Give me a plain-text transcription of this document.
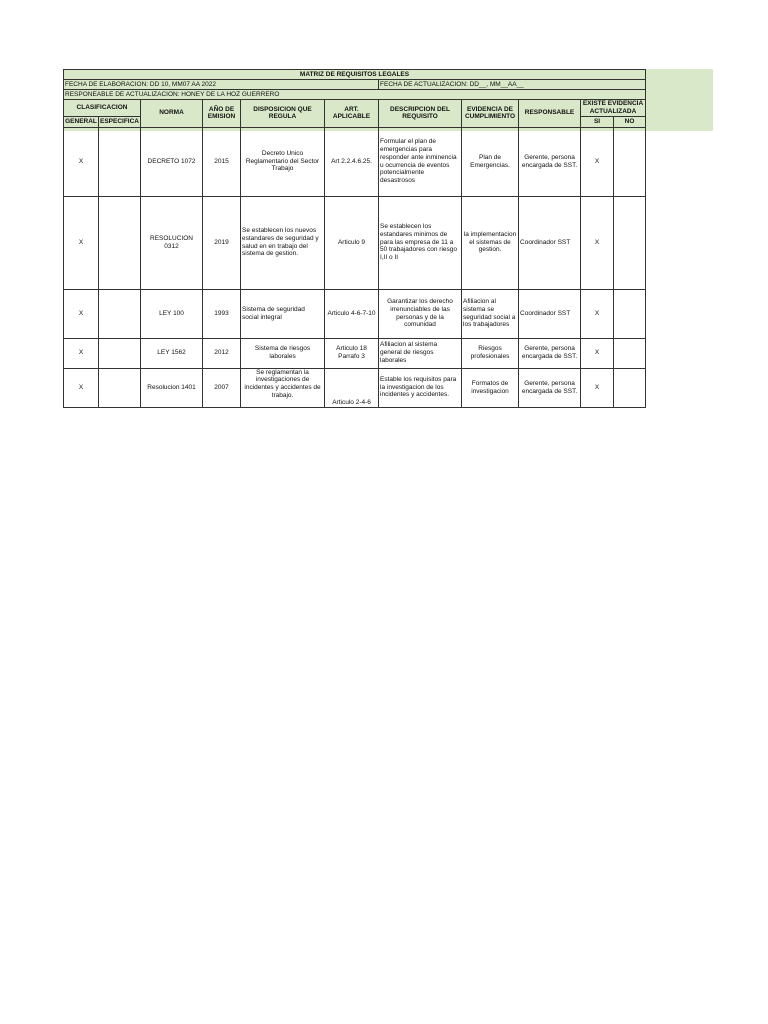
MATRIZ DE REQUISITOS LEGALES										
FECHA DE ELABORACION: DD 10, MM07 AA 2022						FECHA DE ACTUALIZACION: DD__, MM__AA__				
RESPONEABLE DE ACTUALIZACION: HONEY DE LA HOZ GUERRERO										
CLASIFICACION		NORMA	AÑO DE EMISION	DISPOSICION QUE REGULA	ART. APLICABLE	DESCRIPCION DEL REQUISITO	EVIDENCIA DE CUMPLIMIENTO	RESPONSABLE	EXISTE EVIDENCIA ACTUALIZADA	
GENERAL	ESPECIFICA								SI	NO
X		DECRETO 1072	2015	Decreto Unico Reglamentario del Sector Trabajo	Art 2.2.4.6.25.	Formular el plan de emergencias para responder ante inminencia u ocurrencia de eventos potencialmente desastrosos	Plan de Emergencias.	Gerente, persona encargada de SST.	X	
X		RESOLUCION 0312	2019	Se establecen los nuevos estandares de seguridad y salud en en trabajo del sistema de gestion.	Articulo 9	Se establecen los estandares minimos de para las empresa de 11 a 50 trabajadores con riesgo I,II o II	la implementacion el sistemas de gestion.	Coordinador SST	X	
X		LEY 100	1993	Sistema de seguridad social integral	Articulo 4-6-7-10	Garantizar los derecho irrenunciables de las personas y de la comunidad	Afiliacion al sistema se seguridad social a los trabajadores	Coordinador SST	X	
X		LEY 1562	2012	Sistema de riesgos laborales	Articulo 18 Parrafo 3	Afiliacion al sistema general de riesgos laborales	Riesgos profesionales	Gerente, persona encargada de SST.	X	
X		Resolucion 1401	2007	Se reglamentan la investigaciones de incidentes y accidentes de trabajo.	Articulo 2-4-6	Estable los requisitos para la investigacion de los incidentes y accidentes.	Formatos de investigacion	Gerente, persona encargada de SST.	X	
